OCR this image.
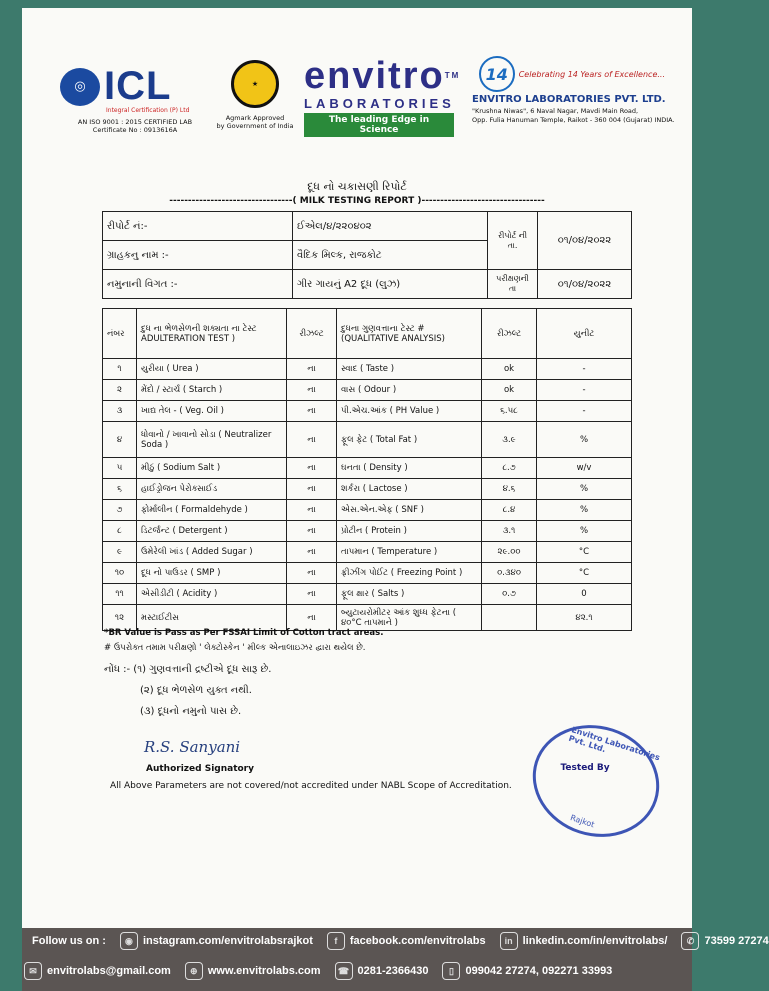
◎ ICL
Integral Certification (P) Ltd
AN ISO 9001 : 2015 CERTIFIED LAB
Certificate No : 0913616A
★
Agmark Approved
by Government of India
envitro™
LABORATORIES
The leading Edge in Science
14	Celebrating 14 Years of Excellence...
ENVITRO LABORATORIES PVT. LTD.
"Krushna Niwas", 6 Naval Nagar, Mavdi Main Road,
Opp. Fulia Hanuman Temple, Raikot - 360 004 (Gujarat) INDIA.
દૂધ નો ચકાસણી રિપોર્ટ
---------------------------------( MILK TESTING REPORT )---------------------------------
રીપોર્ટ નં:-	ઈએલ/૪/૨૨૦૪૦૨	રીપોર્ટ ની તા.	૦૧/૦૪/૨૦૨૨
ગ્રાહકનુ નામ :-	વૈદિક મિલ્ક, રાજકોટ		
નમુનાની વિગત :-	ગીર ગાયનું A2 દૂધ (લુઝ)	પરીક્ષણની તા	૦૧/૦૪/૨૦૨૨
નંબર	દુધ ના ભેળસેળની શક્યતા ના ટેસ્ટ ADULTERATION TEST )	રીઝલ્ટ	દુધના ગુણવત્તાના ટેસ્ટ # (QUALITATIVE ANALYSIS)	રીઝલ્ટ	યુનીટ
૧	યુરીયા ( Urea )	ના	સ્વાદ ( Taste )	ok	-
૨	મેંદો / સ્ટાર્ચ ( Starch )	ના	વાસ ( Odour )	ok	-
૩	ખાદ્ય તેલ - ( Veg. Oil )	ના	પી.એચ.આંક ( PH Value )	૬.૫૮	-
૪	ધોવાનો / ખાવાનો સોડા ( Neutralizer Soda )	ના	ફૂલ ફેટ ( Total Fat )	૩.૯	%
૫	મીઠું ( Sodium Salt )	ના	ઘનતા ( Density )	૮.૭	w/v
૬	હાઈડ્રોજન પેરોક્સાઈડ	ના	શર્કરા ( Lactose )	૪.૬	%
૭	ફોર્માલીન ( Formaldehyde )	ના	એસ.એન.એફ ( SNF )	૮.૪	%
૮	ડિટર્જન્ટ ( Detergent )	ના	પ્રોટીન ( Protein )	૩.૧	%
૯	ઉમેરેલી ખાંડ ( Added Sugar )	ના	તાપમાન ( Temperature )	૨૯.૦૦	°C
૧૦	દૂધ નો પાઉડર ( SMP )	ના	ફ્રીઝીંગ પોઈંટ ( Freezing Point )	૦.૩૪૦	°C
૧૧	એસીડીટી ( Acidity )	ના	ફૂલ ક્ષાર ( Salts )	૦.૭	0
૧૨	મસ્ટાઈટીસ	ના	બ્યુટાયરોમીટર આંક શુધ્ધ ફેટના ( ૪૦°C તાપમાને )		૪૨.૧

*BR Value is Pass as Per FSSAI Limit of Cotton tract areas.

# ઉપરોક્ત તમામ પરીક્ષણો ' લેક્ટોસ્કેન ' મીલ્ક એનાલાઇઝર દ્વારા થયેલ છે.

નોંધ :- (૧) ગુણવત્તાની દ્રષ્ટીએ દૂધ સારૂ છે.
(૨) દૂધ ભેળસેળ યુક્ત નથી.
(૩) દૂધનો નમુનો પાસ છે.
R.S. Sanyani
Authorized Signatory
All Above Parameters are not covered/not accredited under NABL Scope of Accreditation.
Envitro Laboratories Pvt. Ltd.
Tested By
Rajkot
Follow us on :	◉ instagram.com/envitrolabsrajkot	f	facebook.com/envitrolabs	in linkedin.com/in/envitrolabs/	✆ 73599 27274
✉ envitrolabs@gmail.com	⊕ www.envitrolabs.com	☎ 0281-2366430	▯	099042 27274, 092271 33993
